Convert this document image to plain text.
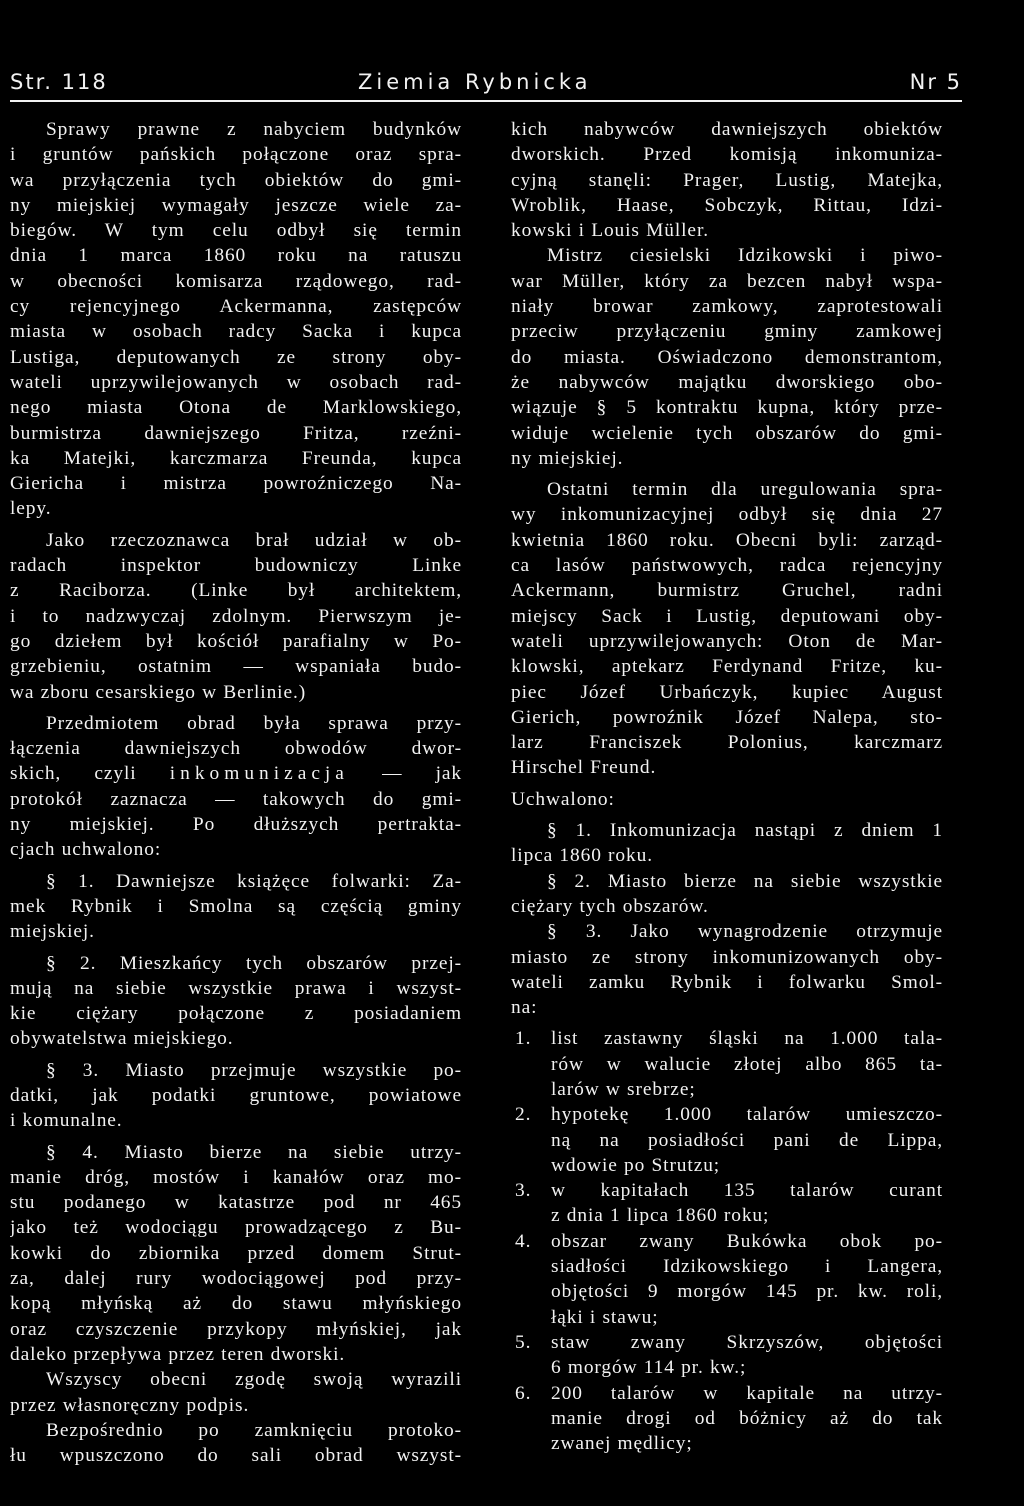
Str. 118	Ziemia Rybnicka	Nr 5
Sprawy prawne z nabyciem budynków
i gruntów pańskich połączone oraz spra-
wa przyłączenia tych obiektów do gmi-
ny miejskiej wymagały jeszcze wiele za-
biegów. W tym celu odbył się termin
dnia 1 marca 1860 roku na ratuszu
w obecności komisarza rządowego, rad-
cy rejencyjnego Ackermanna, zastępców
miasta w osobach radcy Sacka i kupca
Lustiga, deputowanych ze strony oby-
wateli uprzywilejowanych w osobach rad-
nego miasta Otona de Marklowskiego,
burmistrza dawniejszego Fritza, rzeźni-
ka Matejki, karczmarza Freunda, kupca
Giericha i mistrza powroźniczego Na-
lepy.
Jako rzeczoznawca brał udział w ob-
radach inspektor budowniczy Linke
z Raciborza. (Linke był architektem,
i to nadzwyczaj zdolnym. Pierwszym je-
go dziełem był kościół parafialny w Po-
grzebieniu, ostatnim — wspaniała budo-
wa zboru cesarskiego w Berlinie.)
Przedmiotem obrad była sprawa przy-
łączenia dawniejszych obwodów dwor-
skich, czyli inkomunizacja — jak
protokół zaznacza — takowych do gmi-
ny miejskiej. Po dłuższych pertrakta-
cjach uchwalono:
§ 1. Dawniejsze książęce folwarki: Za-
mek Rybnik i Smolna są częścią gminy
miejskiej.
§ 2. Mieszkańcy tych obszarów przej-
mują na siebie wszystkie prawa i wszyst-
kie ciężary połączone z posiadaniem
obywatelstwa miejskiego.
§ 3. Miasto przejmuje wszystkie po-
datki, jak podatki gruntowe, powiatowe
i komunalne.
§ 4. Miasto bierze na siebie utrzy-
manie dróg, mostów i kanałów oraz mo-
stu podanego w katastrze pod nr 465
jako też wodociągu prowadzącego z Bu-
kowki do zbiornika przed domem Strut-
za, dalej rury wodociągowej pod przy-
kopą młyńską aż do stawu młyńskiego
oraz czyszczenie przykopy młyńskiej, jak
daleko przepływa przez teren dworski.
Wszyscy obecni zgodę swoją wyrazili
przez własnoręczny podpis.
Bezpośrednio po zamknięciu protoko-
łu wpuszczono do sali obrad wszyst-
kich nabywców dawniejszych obiektów
dworskich. Przed komisją inkomuniza-
cyjną stanęli: Prager, Lustig, Matejka,
Wroblik, Haase, Sobczyk, Rittau, Idzi-
kowski i Louis Müller.
Mistrz ciesielski Idzikowski i piwo-
war Müller, który za bezcen nabył wspa-
niały browar zamkowy, zaprotestowali
przeciw przyłączeniu gminy zamkowej
do miasta. Oświadczono demonstrantom,
że nabywców majątku dworskiego obo-
wiązuje § 5 kontraktu kupna, który prze-
widuje wcielenie tych obszarów do gmi-
ny miejskiej.
Ostatni termin dla uregulowania spra-
wy inkomunizacyjnej odbył się dnia 27
kwietnia 1860 roku. Obecni byli: zarząd-
ca lasów państwowych, radca rejencyjny
Ackermann, burmistrz Gruchel, radni
miejscy Sack i Lustig, deputowani oby-
wateli uprzywilejowanych: Oton de Mar-
klowski, aptekarz Ferdynand Fritze, ku-
piec Józef Urbańczyk, kupiec August
Gierich, powroźnik Józef Nalepa, sto-
larz Franciszek Polonius, karczmarz
Hirschel Freund.
Uchwalono:
§ 1. Inkomunizacja nastąpi z dniem 1
lipca 1860 roku.
§ 2. Miasto bierze na siebie wszystkie
ciężary tych obszarów.
§ 3. Jako wynagrodzenie otrzymuje
miasto ze strony inkomunizowanych oby-
wateli zamku Rybnik i folwarku Smol-
na:
1.	list zastawny śląski na 1.000 tala-
rów w walucie złotej albo 865 ta-
larów w srebrze;
2.	hypotekę 1.000 talarów umieszczo-
ną na posiadłości pani de Lippa,
wdowie po Strutzu;
3.	w kapitałach 135 talarów curant
z dnia 1 lipca 1860 roku;
4.	obszar zwany Bukówka obok po-
siadłości Idzikowskiego i Langera,
objętości 9 morgów 145 pr. kw. roli,
łąki i stawu;
5.	staw zwany Skrzyszów, objętości
6 morgów 114 pr. kw.;
6.	200 talarów w kapitale na utrzy-
manie drogi od bóżnicy aż do tak
zwanej mędlicy;
